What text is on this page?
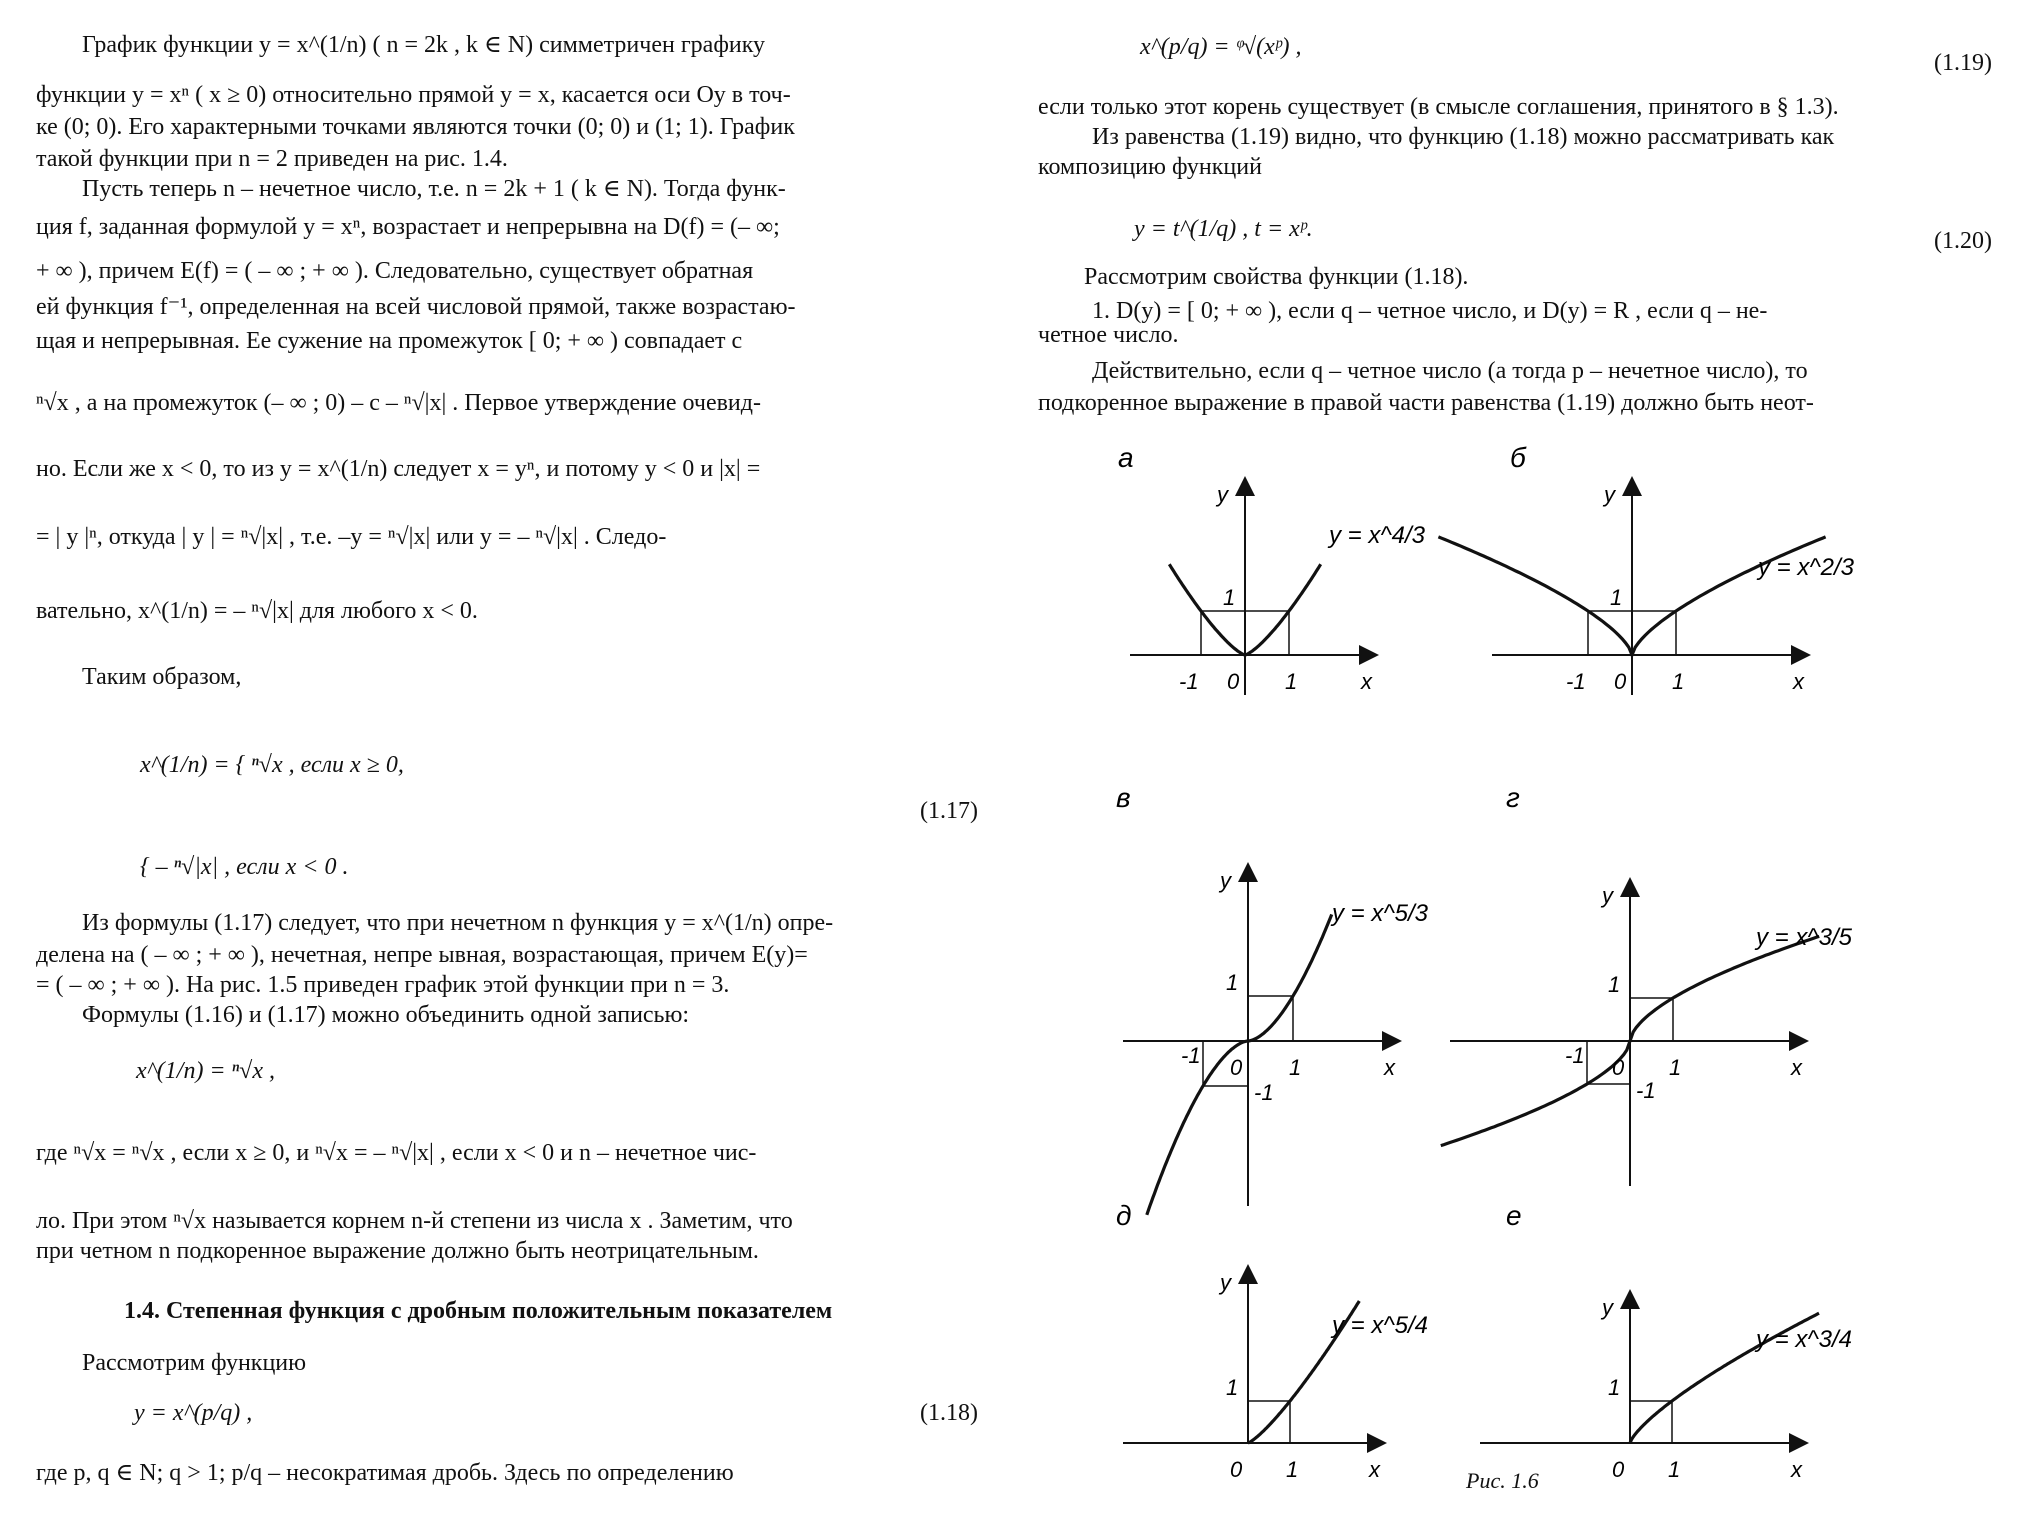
График функции y = x^(1/n) ( n = 2k , k ∈ N) симметричен графику
функции y = xⁿ ( x ≥ 0) относительно прямой y = x, касается оси Oy в точ-
ке (0; 0). Его характерными точками являются точки (0; 0) и (1; 1). График
такой функции при n = 2 приведен на рис. 1.4.
Пусть теперь n – нечетное число, т.е. n = 2k + 1 ( k ∈ N). Тогда функ-
ция f, заданная формулой y = xⁿ, возрастает и непрерывна на D(f) = (– ∞;
+ ∞ ), причем E(f) = ( – ∞ ; + ∞ ). Следовательно, существует обратная
ей функция f⁻¹, определенная на всей числовой прямой, также возрастаю-
щая и непрерывная. Ее сужение на промежуток [ 0; + ∞ ) совпадает с
ⁿ√x , а на промежуток (– ∞ ; 0) – с – ⁿ√|x| . Первое утверждение очевид-
но. Если же x < 0, то из y = x^(1/n) следует x = yⁿ, и потому y < 0 и |x| =
= | y |ⁿ, откуда | y | = ⁿ√|x| , т.е. –y = ⁿ√|x| или y = – ⁿ√|x| . Следо-
вательно, x^(1/n) = – ⁿ√|x| для любого x < 0.
Таким образом,
x^(1/n) = { ⁿ√x , если x ≥ 0,
{ – ⁿ√|x| , если x < 0 .
(1.17)
Из формулы (1.17) следует, что при нечетном n функция y = x^(1/n) опре-
делена на ( – ∞ ; + ∞ ), нечетная, непре ывная, возрастающая, причем E(y)=
= ( – ∞ ; + ∞ ). На рис. 1.5 приведен график этой функции при n = 3.
Формулы (1.16) и (1.17) можно объединить одной записью:
x^(1/n) = ⁿ√x ,
где ⁿ√x = ⁿ√x , если x ≥ 0, и ⁿ√x = – ⁿ√|x| , если x < 0 и n – нечетное чис-
ло. При этом ⁿ√x называется корнем n-й степени из числа x . Заметим, что
при четном n подкоренное выражение должно быть неотрицательным.
1.4. Степенная функция с дробным положительным показателем
Рассмотрим функцию
y = x^(p/q) ,	(1.18)
где p, q ∈ N; q > 1; p/q – несократимая дробь. Здесь по определению
x^(p/q) = ᵠ√(xᵖ) ,
(1.19)
если только этот корень существует (в смысле соглашения, принятого в § 1.3).
Из равенства (1.19) видно, что функцию (1.18) можно рассматривать как
композицию функций
y = t^(1/q) , t = xᵖ.	(1.20)
Рассмотрим свойства функции (1.18).
1. D(y) = [ 0; + ∞ ), если q – четное число, и D(y) = R , если q – не-
четное число.
Действительно, если q – четное число (а тогда p – нечетное число), то
подкоренное выражение в правой части равенства (1.19) должно быть неот-
x
y
0 1
1
-1
а
y = x^4/3
x
y
0 1
1
-1
б
y = x^2/3
x
y
0 1
1
-1
-1
в
y = x^5/3
x
y
0 1
1
-1
-1
г
y = x^3/5
x
y
0 1
1
д
y = x^5/4
x
y
0 1
1
е
y = x^3/4
Рис. 1.6
